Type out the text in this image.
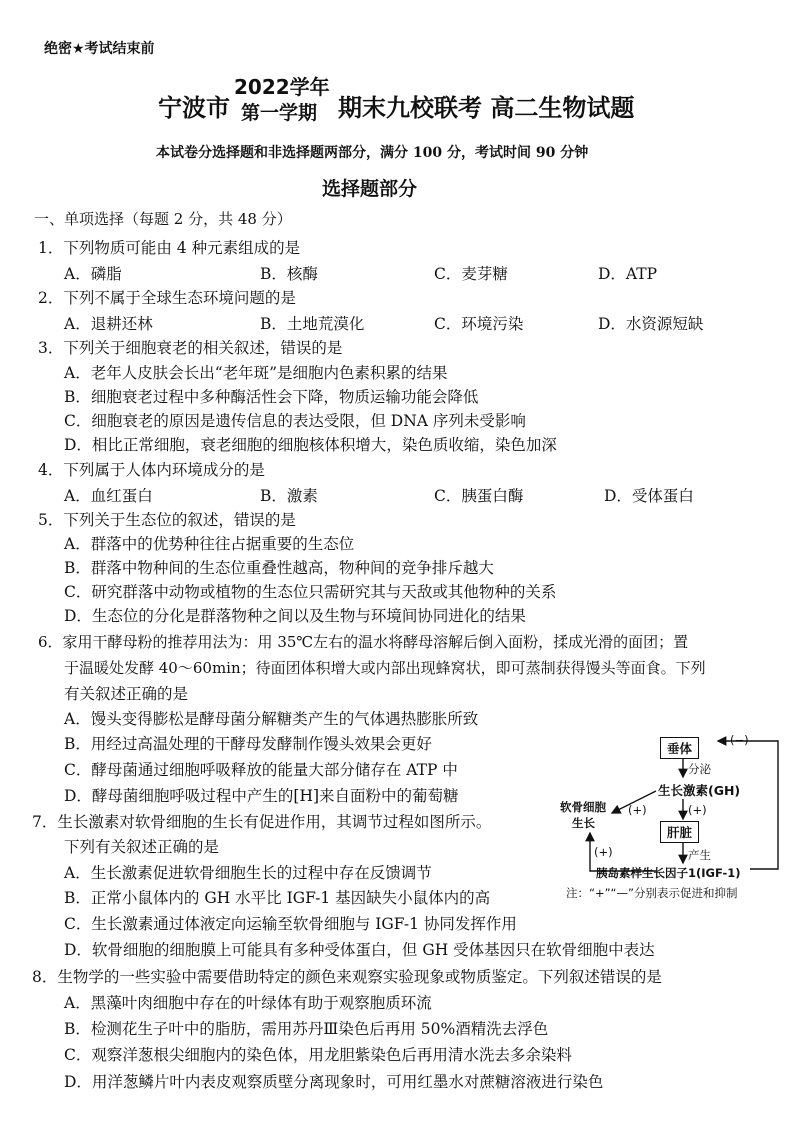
绝密★考试结束前
宁波市
2022学年
第一学期 期末九校联考 高二生物试题
本试卷分选择题和非选择题两部分，满分 100 分，考试时间 90 分钟
选择题部分
一、单项选择（每题 2 分，共 48 分）
1．下列物质可能由 4 种元素组成的是
A．磷脂	B．核酶	C．麦芽糖	D．ATP
2．下列不属于全球生态环境问题的是
A．退耕还林	B．土地荒漠化	C．环境污染	D．水资源短缺
3．下列关于细胞衰老的相关叙述，错误的是
A．老年人皮肤会长出“老年斑”是细胞内色素积累的结果
B．细胞衰老过程中多种酶活性会下降，物质运输功能会降低
C．细胞衰老的原因是遗传信息的表达受限，但 DNA 序列未受影响
D．相比正常细胞，衰老细胞的细胞核体积增大，染色质收缩，染色加深
4．下列属于人体内环境成分的是
A．血红蛋白	B．激素	C．胰蛋白酶	D．受体蛋白
5．下列关于生态位的叙述，错误的是
A．群落中的优势种往往占据重要的生态位
B．群落中物种间的生态位重叠性越高，物种间的竞争排斥越大
C．研究群落中动物或植物的生态位只需研究其与天敌或其他物种的关系
D．生态位的分化是群落物种之间以及生物与环境间协同进化的结果
6．家用干酵母粉的推荐用法为：用 35℃左右的温水将酵母溶解后倒入面粉，揉成光滑的面团；置
于温暖处发酵 40～60min；待面团体积增大或内部出现蜂窝状，即可蒸制获得馒头等面食。下列
有关叙述正确的是
A．馒头变得膨松是酵母菌分解糖类产生的气体遇热膨胀所致
B．用经过高温处理的干酵母发酵制作馒头效果会更好
C．酵母菌通过细胞呼吸释放的能量大部分储存在 ATP 中
D．酵母菌细胞呼吸过程中产生的[H]来自面粉中的葡萄糖
7．生长激素对软骨细胞的生长有促进作用，其调节过程如图所示。
下列有关叙述正确的是
A．生长激素促进软骨细胞生长的过程中存在反馈调节
B．正常小鼠体内的 GH 水平比 IGF-1 基因缺失小鼠体内的高
C．生长激素通过体液定向运输至软骨细胞与 IGF-1 协同发挥作用
D．软骨细胞的细胞膜上可能具有多种受体蛋白，但 GH 受体基因只在软骨细胞中表达
8．生物学的一些实验中需要借助特定的颜色来观察实验现象或物质鉴定。下列叙述错误的是
A．黑藻叶肉细胞中存在的叶绿体有助于观察胞质环流
B．检测花生子叶中的脂肪，需用苏丹Ⅲ染色后再用 50%酒精洗去浮色
C．观察洋葱根尖细胞内的染色体，用龙胆紫染色后再用清水洗去多余染料
D．用洋葱鳞片叶内表皮观察质壁分离现象时，可用红墨水对蔗糖溶液进行染色
垂体
(−)
分泌
生长激素(GH)
(+)
(+)
肝脏
产生
软骨细胞
生长
(+)
胰岛素样生长因子1(IGF-1)
注：“+”“—”分别表示促进和抑制
